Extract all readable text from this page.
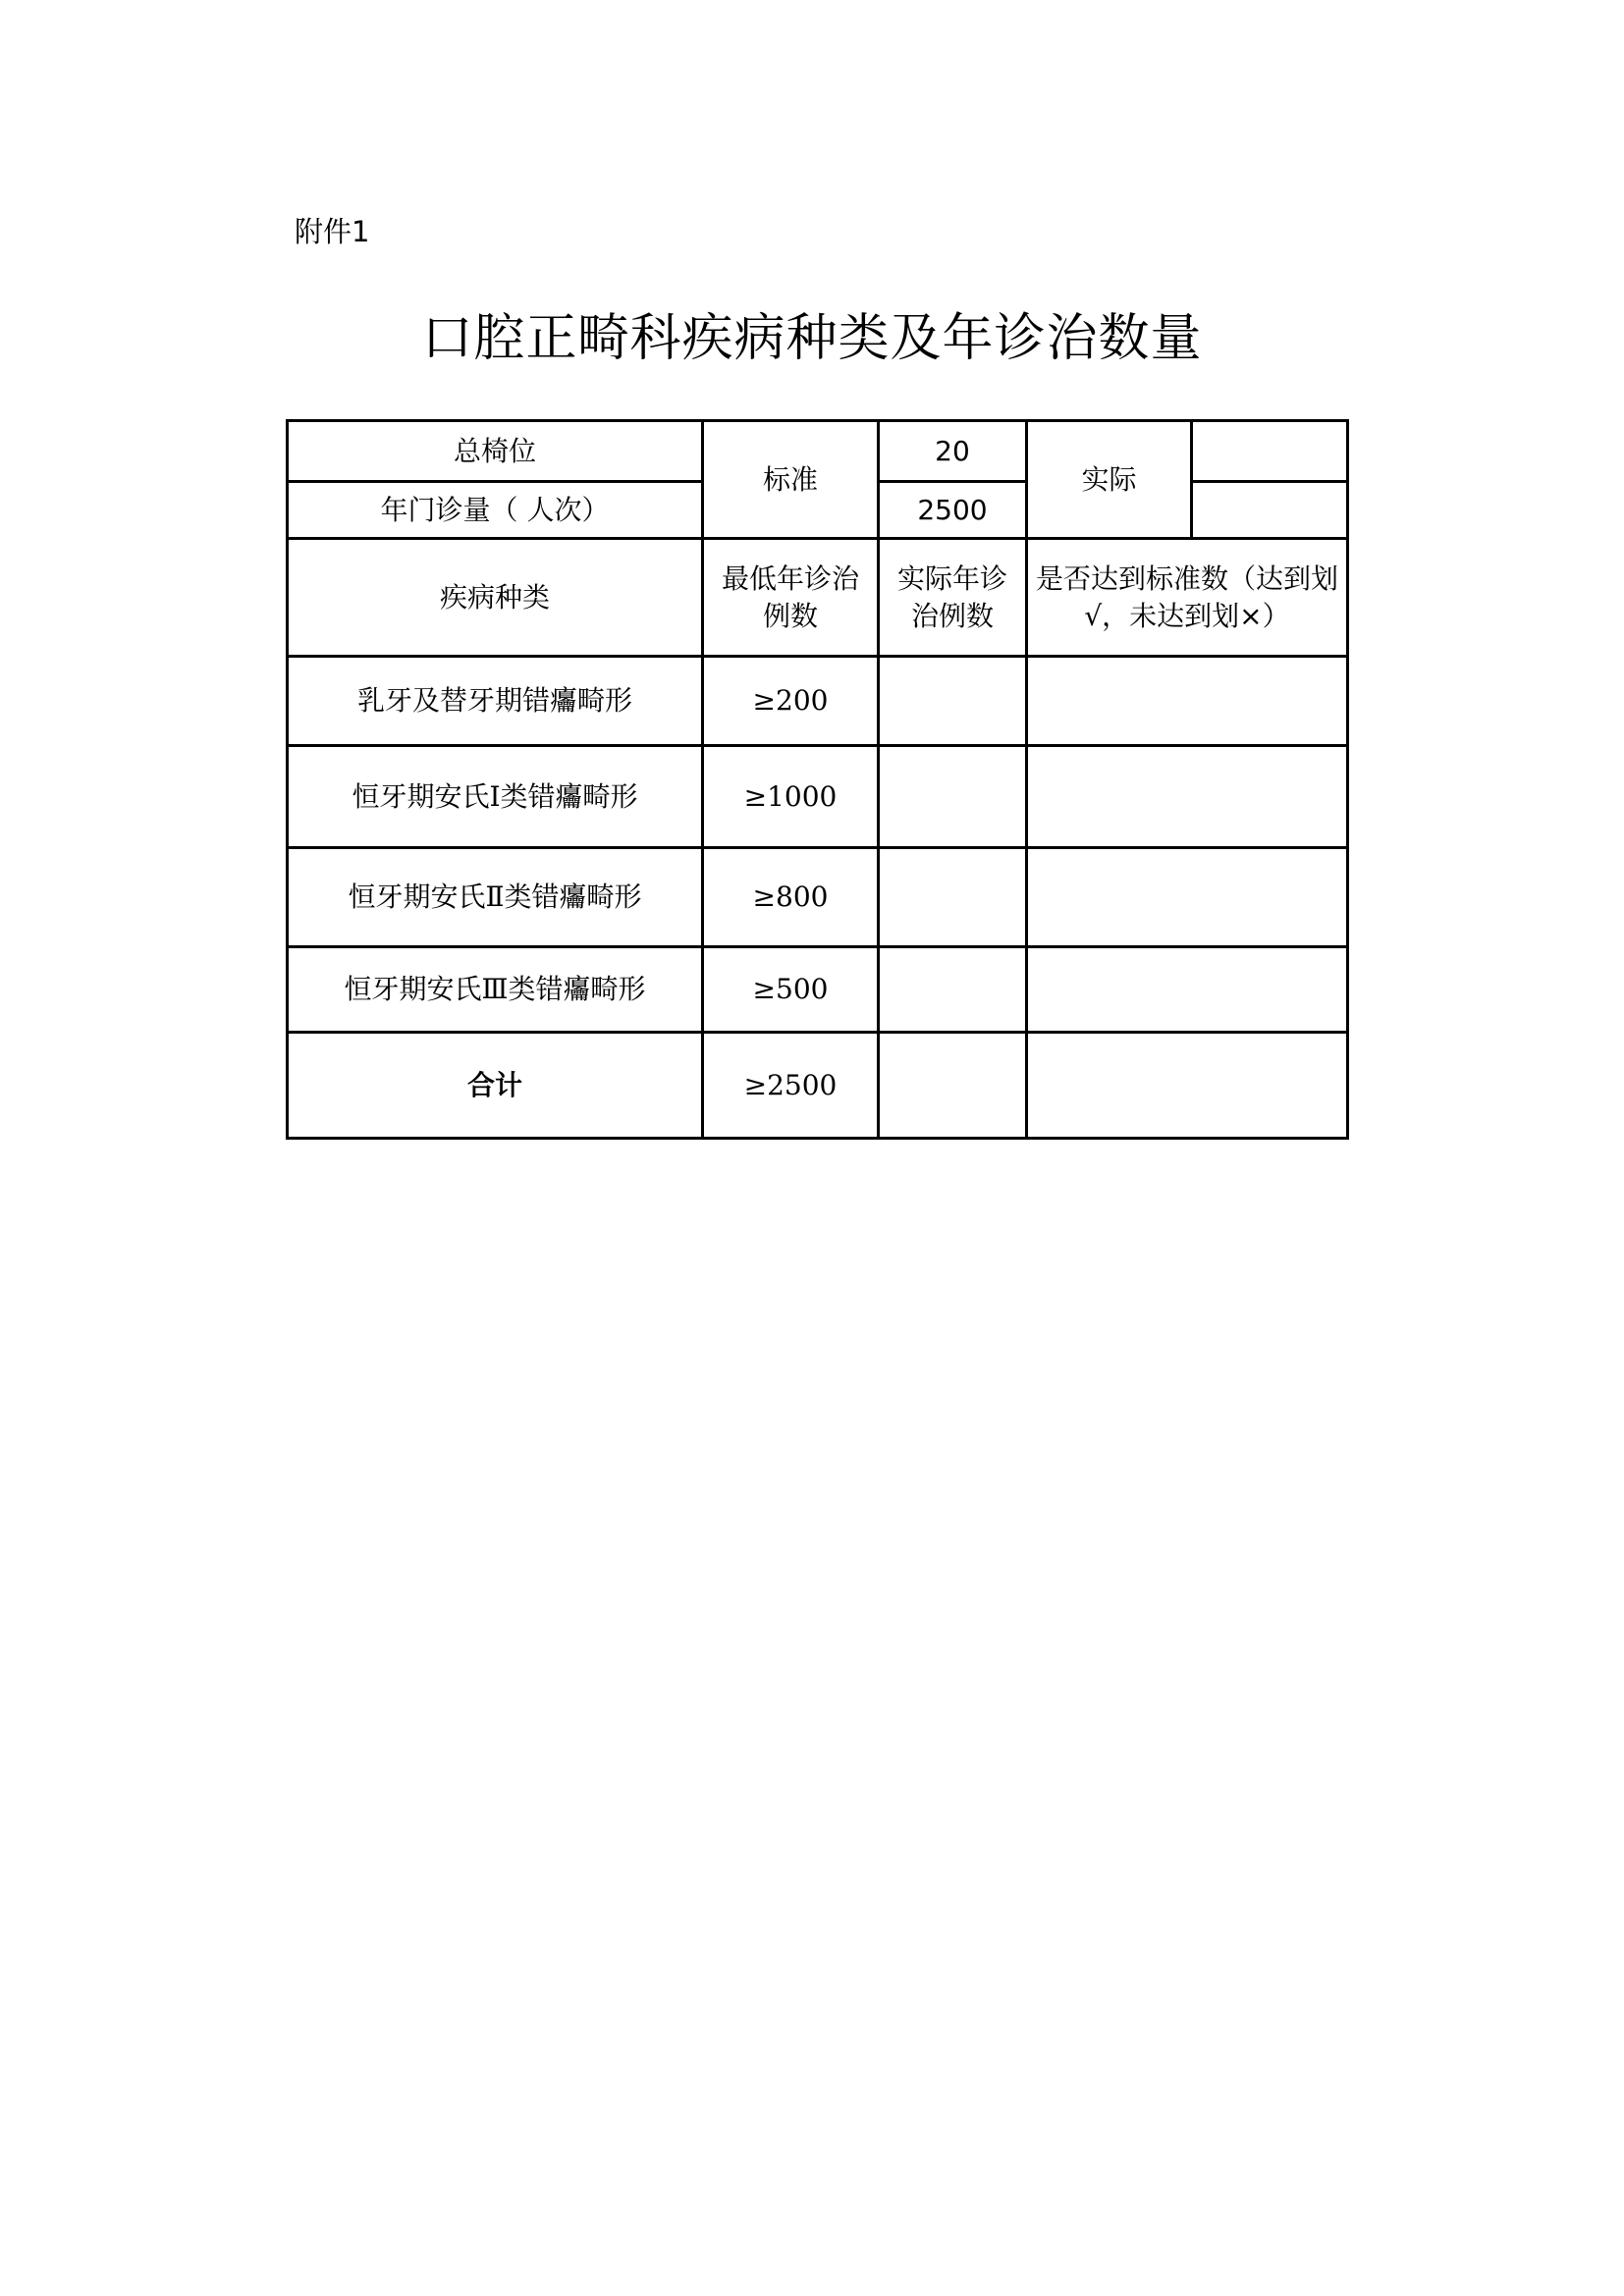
附件1
口腔正畸科疾病种类及年诊治数量
总椅位	标准	20	实际	
年门诊量（ 人次）		2500		
疾病种类	最低年诊治例数	实际年诊治例数	是否达到标准数（达到划√，未达到划×）	

乳牙及替牙期错㿜畸形	≥200			
恒牙期安氏Ⅰ类错㿜畸形	≥1000			
恒牙期安氏Ⅱ类错㿜畸形	≥800			
恒牙期安氏Ⅲ类错㿜畸形	≥500			
合计	≥2500			
